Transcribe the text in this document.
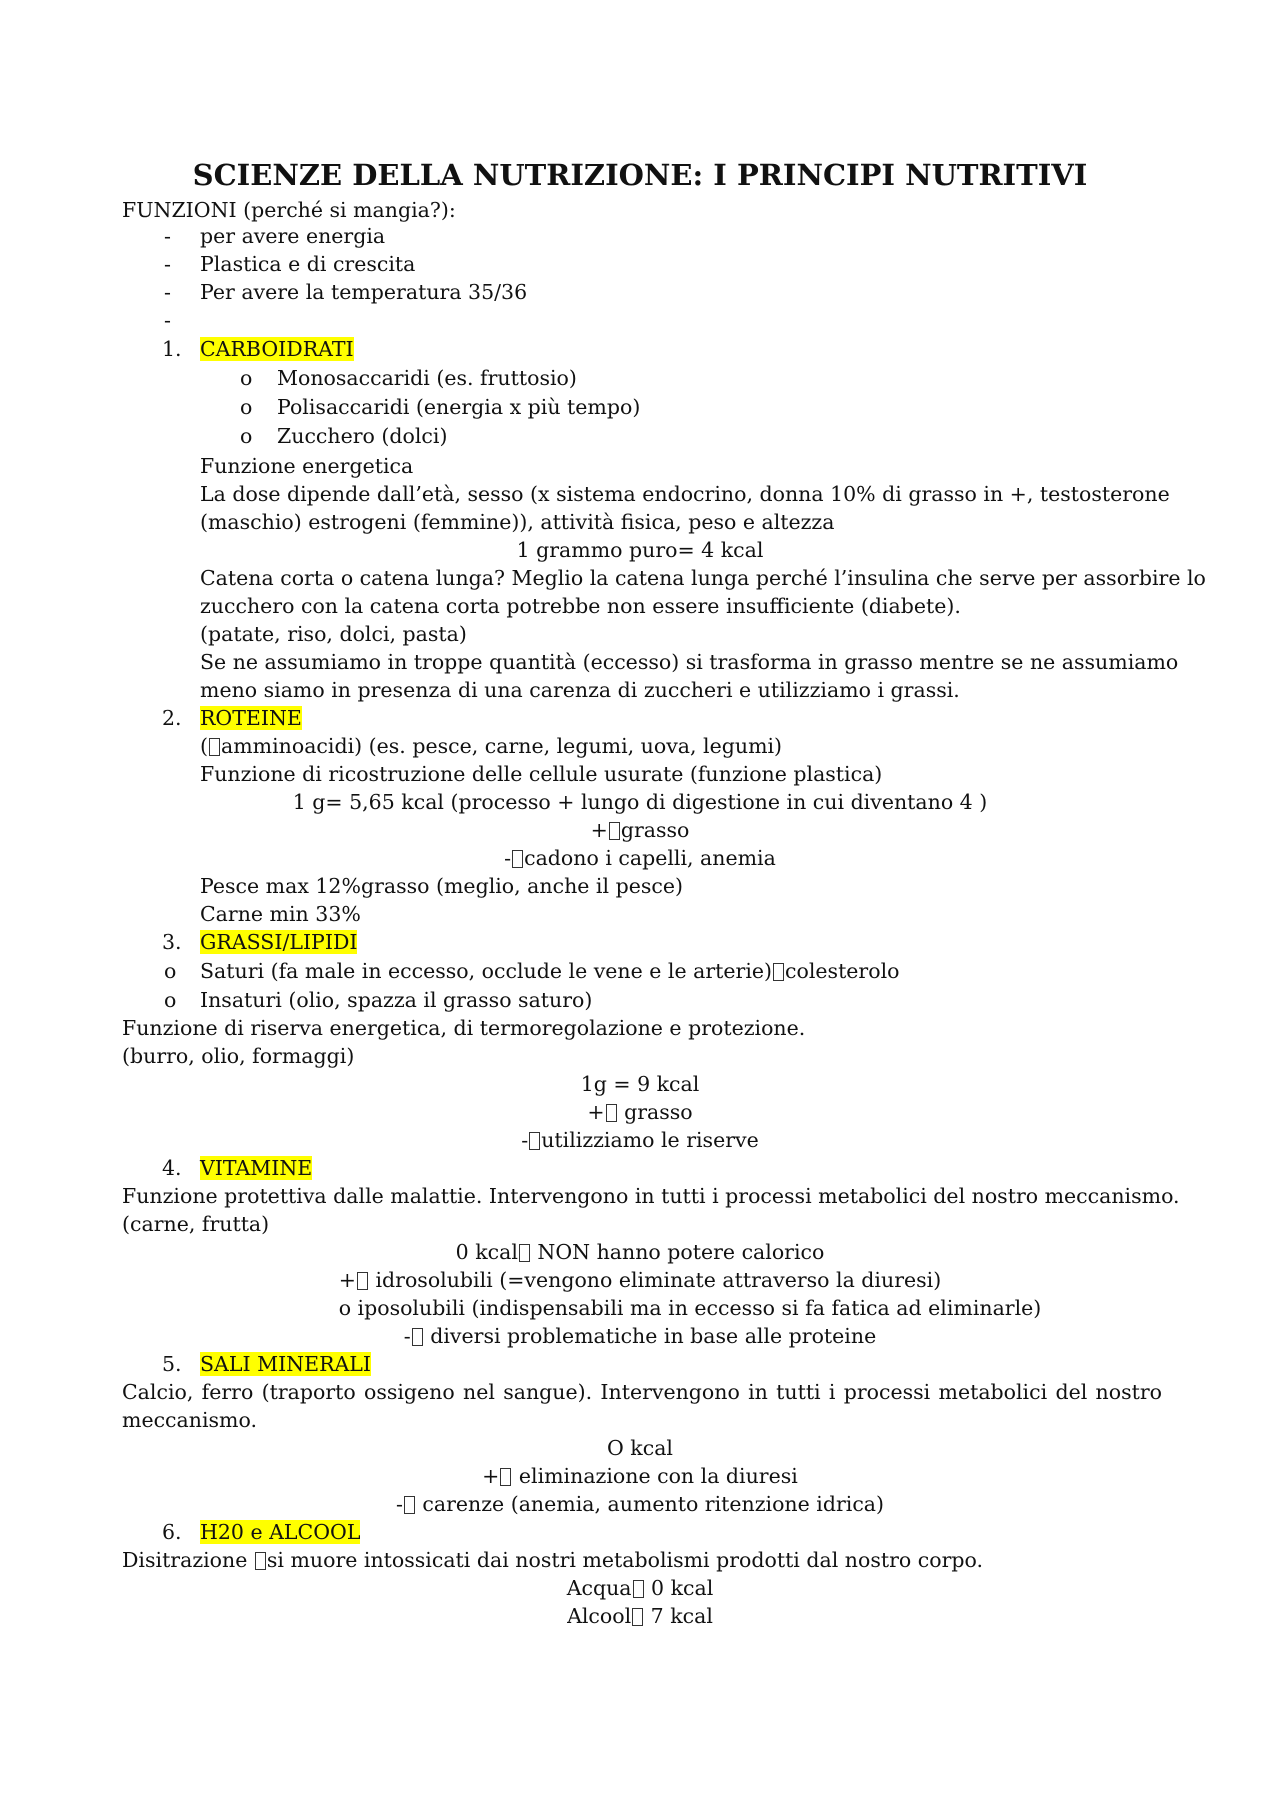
SCIENZE DELLA NUTRIZIONE: I PRINCIPI NUTRITIVI
FUNZIONI (perché si mangia?):
- per avere energia
- Plastica e di crescita
- Per avere la temperatura 35/36
-
1. CARBOIDRATI
o Monosaccaridi (es. fruttosio)
o Polisaccaridi (energia x più tempo)
o Zucchero (dolci)
Funzione energetica
La dose dipende dall’età, sesso (x sistema endocrino, donna 10% di grasso in +, testosterone
(maschio) estrogeni (femmine)), attività fisica, peso e altezza
1 grammo puro= 4 kcal
Catena corta o catena lunga? Meglio la catena lunga perché l’insulina che serve per assorbire lo
zucchero con la catena corta potrebbe non essere insufficiente (diabete).
(patate, riso, dolci, pasta)
Se ne assumiamo in troppe quantità (eccesso) si trasforma in grasso mentre se ne assumiamo
meno siamo in presenza di una carenza di zuccheri e utilizziamo i grassi.
2. ROTEINE
( amminoacidi) (es. pesce, carne, legumi, uova, legumi)
Funzione di ricostruzione delle cellule usurate (funzione plastica)
1 g= 5,65 kcal (processo + lungo di digestione in cui diventano 4 )
+ grasso
- cadono i capelli, anemia
Pesce max 12%grasso (meglio, anche il pesce)
Carne min 33%
3. GRASSI/LIPIDI
o Saturi (fa male in eccesso, occlude le vene e le arterie) colesterolo
o Insaturi (olio, spazza il grasso saturo)
Funzione di riserva energetica, di termoregolazione e protezione.
(burro, olio, formaggi)
1g = 9 kcal
+ grasso
- utilizziamo le riserve
4. VITAMINE
Funzione protettiva dalle malattie. Intervengono in tutti i processi metabolici del nostro meccanismo.
(carne, frutta)
0 kcal NON hanno potere calorico
+ idrosolubili (=vengono eliminate attraverso la diuresi)
o iposolubili (indispensabili ma in eccesso si fa fatica ad eliminarle)
- diversi problematiche in base alle proteine
5. SALI MINERALI
Calcio, ferro (traporto ossigeno nel sangue). Intervengono in tutti i processi metabolici del nostro
meccanismo.
O kcal
+ eliminazione con la diuresi
- carenze (anemia, aumento ritenzione idrica)
6. H20 e ALCOOL
Disitrazione si muore intossicati dai nostri metabolismi prodotti dal nostro corpo.
Acqua 0 kcal
Alcool 7 kcal
